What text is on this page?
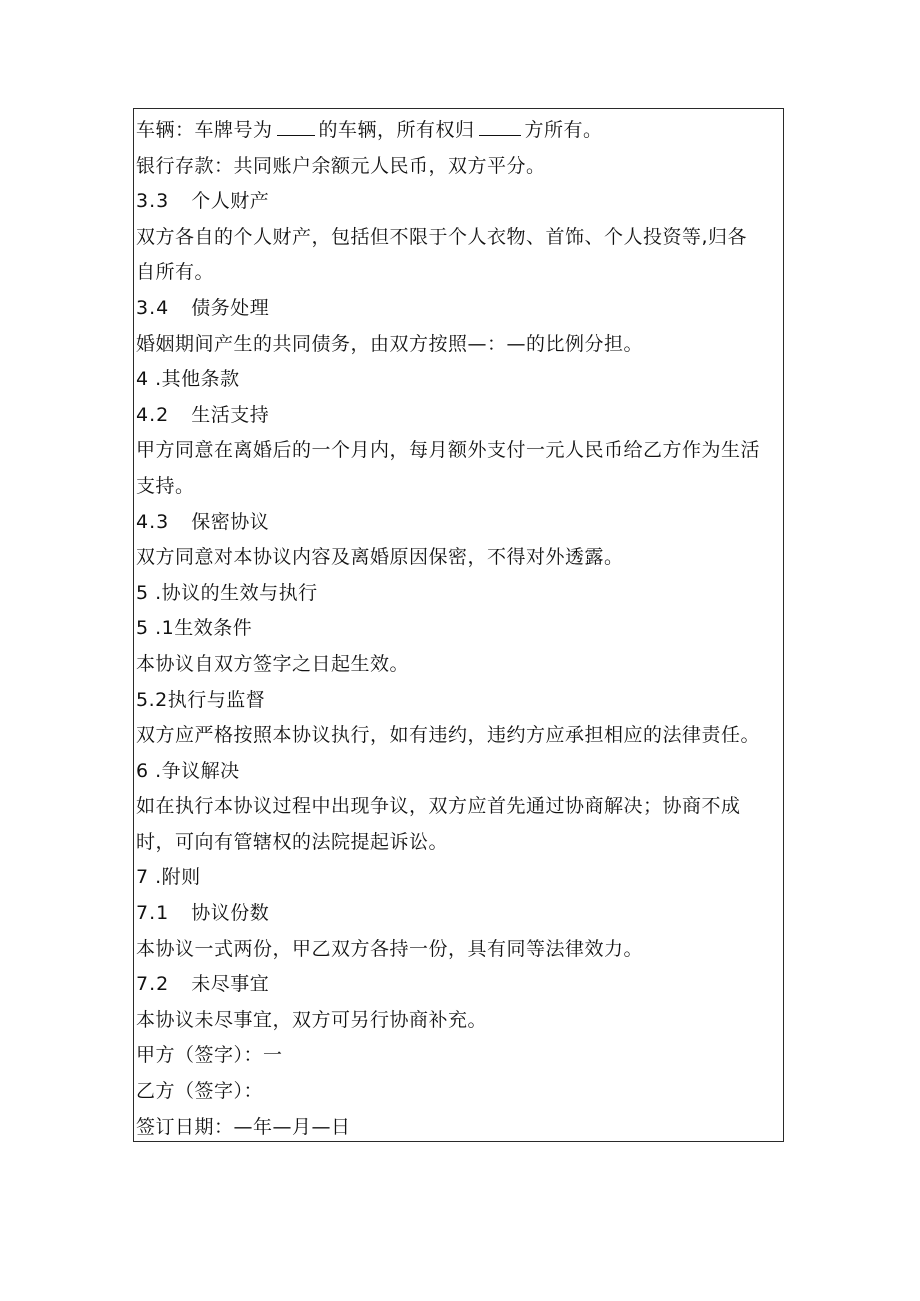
车辆：车牌号为 的车辆，所有权归	方所有。
银行存款：共同账户余额元人民币，双方平分。
3.3 个人财产
双方各自的个人财产，包括但不限于个人衣物、首饰、个人投资等,归各
自所有。
3.4 债务处理
婚姻期间产生的共同债务，由双方按照—：—的比例分担。
4 .其他条款
4.2 生活支持
甲方同意在离婚后的一个月内，每月额外支付一元人民币给乙方作为生活
支持。
4.3 保密协议
双方同意对本协议内容及离婚原因保密，不得对外透露。
5 .协议的生效与执行
5 .1生效条件
本协议自双方签字之日起生效。
5.2执行与监督
双方应严格按照本协议执行，如有违约，违约方应承担相应的法律责任。
6 .争议解决
如在执行本协议过程中出现争议，双方应首先通过协商解决；协商不成
时，可向有管辖权的法院提起诉讼。
7 .附则
7.1 协议份数
本协议一式两份，甲乙双方各持一份，具有同等法律效力。
7.2 未尽事宜
本协议未尽事宜，双方可另行协商补充。
甲方（签字）：一
乙方（签字）：
签订日期：—年—月—日
